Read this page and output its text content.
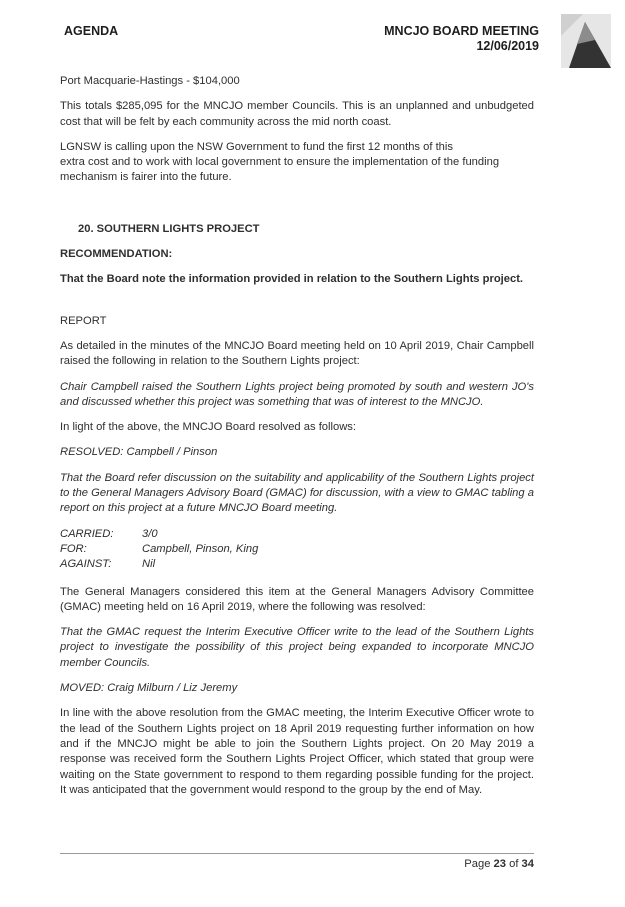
AGENDA	MNCJO BOARD MEETING
12/06/2019

Port Macquarie-Hastings - $104,000

This totals $285,095 for the MNCJO member Councils. This is an unplanned and unbudgeted cost that will be felt by each community across the mid north coast.

LGNSW is calling upon the NSW Government to fund the first 12 months of this
extra cost and to work with local government to ensure the implementation of the funding mechanism is fairer into the future.

20. SOUTHERN LIGHTS PROJECT

RECOMMENDATION:

That the Board note the information provided in relation to the Southern Lights project.

REPORT

As detailed in the minutes of the MNCJO Board meeting held on 10 April 2019, Chair Campbell raised the following in relation to the Southern Lights project:

Chair Campbell raised the Southern Lights project being promoted by south and western JO's and discussed whether this project was something that was of interest to the MNCJO.

In light of the above, the MNCJO Board resolved as follows:

RESOLVED: Campbell / Pinson

That the Board refer discussion on the suitability and applicability of the Southern Lights project to the General Managers Advisory Board (GMAC) for discussion, with a view to GMAC tabling a report on this project at a future MNCJO Board meeting.

CARRIED:	3/0
FOR:	Campbell, Pinson, King
AGAINST:	Nil

The General Managers considered this item at the General Managers Advisory Committee (GMAC) meeting held on 16 April 2019, where the following was resolved:

That the GMAC request the Interim Executive Officer write to the lead of the Southern Lights project to investigate the possibility of this project being expanded to incorporate MNCJO member Councils.

MOVED: Craig Milburn / Liz Jeremy

In line with the above resolution from the GMAC meeting, the Interim Executive Officer wrote to the lead of the Southern Lights project on 18 April 2019 requesting further information on how and if the MNCJO might be able to join the Southern Lights project. On 20 May 2019 a response was received form the Southern Lights Project Officer, which stated that group were waiting on the State government to respond to them regarding possible funding for the project. It was anticipated that the government would respond to the group by the end of May.

Page 23 of 34
